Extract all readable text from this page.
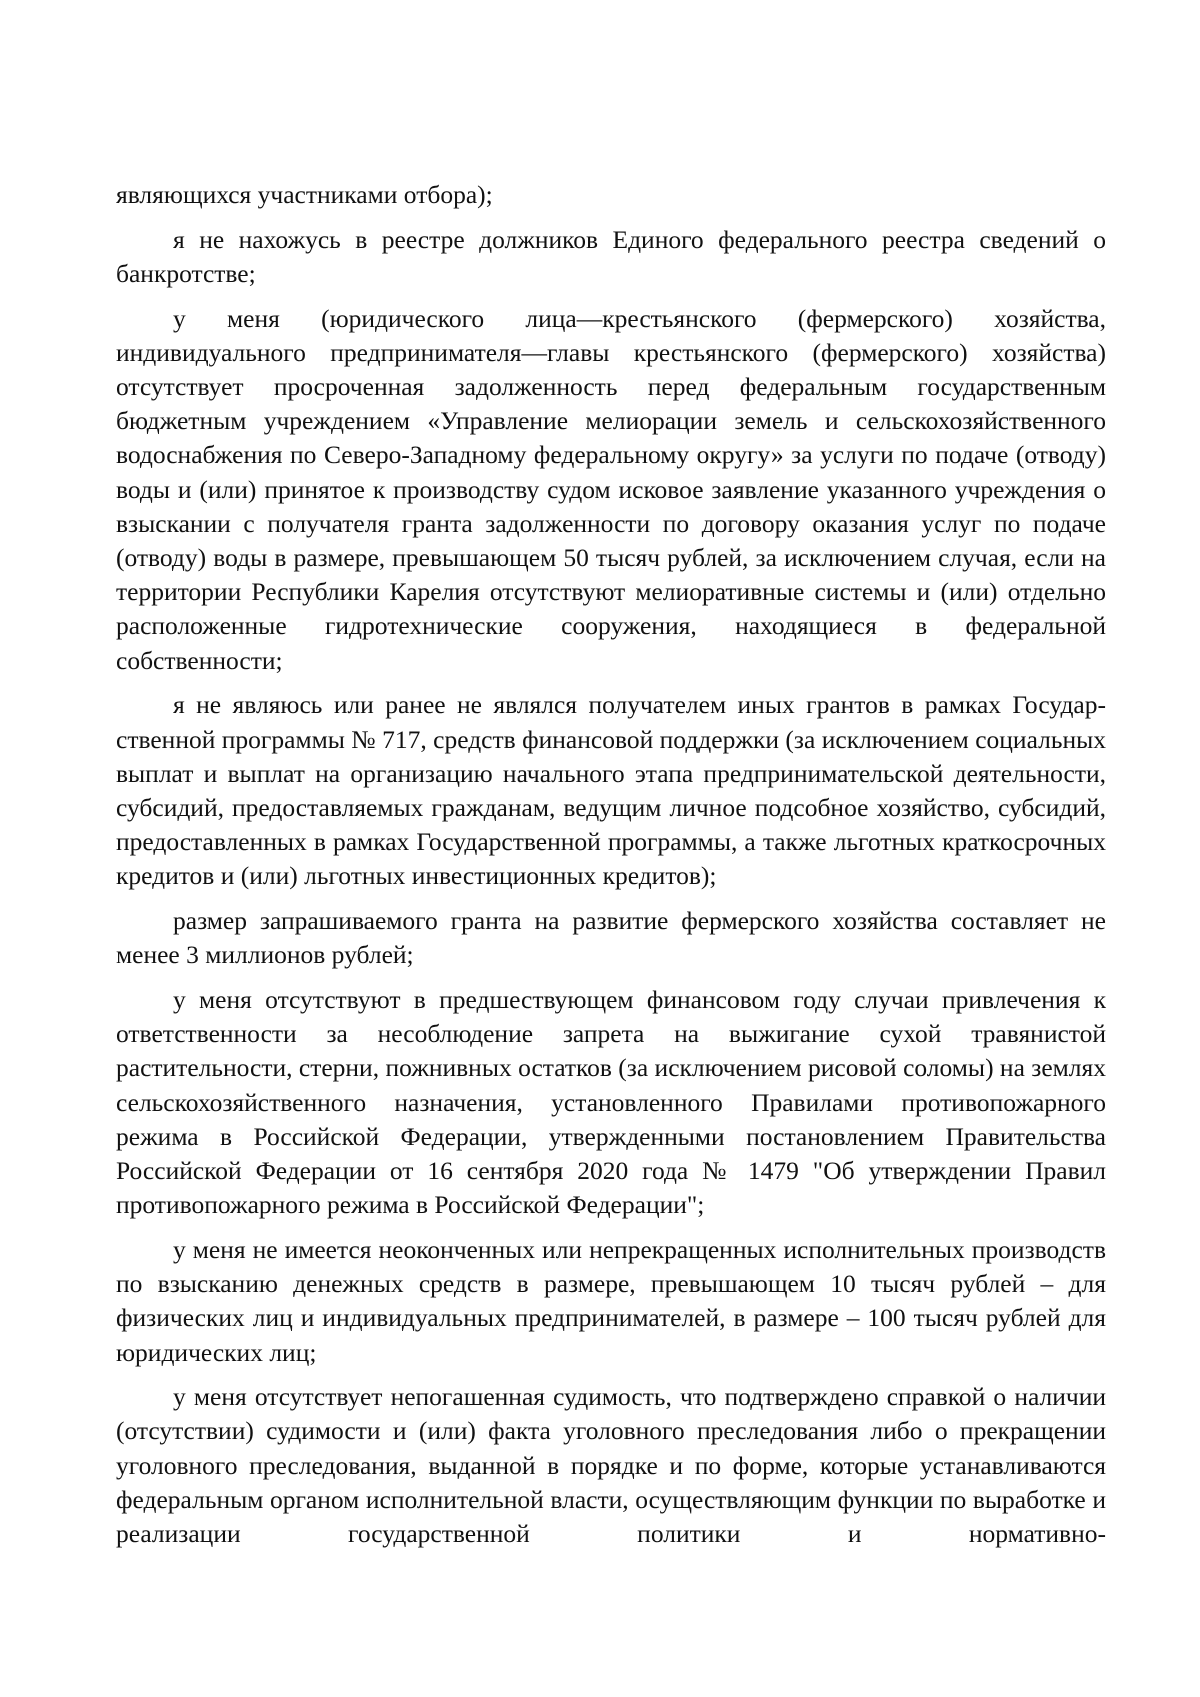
являющихся участниками отбора);

я не нахожусь в реестре должников Единого федерального реестра сведений о банкротстве;

у меня (юридического лица—крестьянского (фермерского) хозяйства, индивидуального предпринимателя—главы крестьянского (фермерского) хозяйства) отсутствует просроченная задолженность перед федеральным государственным бюджетным учреждением «Управление мелиорации земель и сельскохозяйственного водоснабжения по Северо-Западному федеральному округу» за услуги по подаче (отводу) воды и (или) принятое к производству судом исковое заявление указанного учреждения о взыскании с получателя гранта задолженности по договору оказания услуг по подаче (отводу) воды в размере, превышающем 50 тысяч рублей, за исключением случая, если на территории Республики Карелия отсутствуют мелиоративные системы и (или) отдельно расположенные гидротехнические сооружения, находящиеся в федеральной собственности;

я не являюсь или ранее не являлся получателем иных грантов в рамках Государственной программы № 717, средств финансовой поддержки (за исключением социальных выплат и выплат на организацию начального этапа предпринимательской деятельности, субсидий, предоставляемых гражданам, ведущим личное подсобное хозяйство, субсидий, предоставленных в рамках Государственной программы, а также льготных краткосрочных кредитов и (или) льготных инвестиционных кредитов);

размер запрашиваемого гранта на развитие фермерского хозяйства составляет не менее 3 миллионов рублей;

у меня отсутствуют в предшествующем финансовом году случаи привлечения к ответственности за несоблюдение запрета на выжигание сухой травянистой растительности, стерни, пожнивных остатков (за исключением рисовой соломы) на землях сельскохозяйственного назначения, установленного Правилами противопожарного режима в Российской Федерации, утвержденными постановлением Правительства Российской Федерации от 16 сентября 2020 года № 1479 "Об утверждении Правил противопожарного режима в Российской Федерации";

у меня не имеется неоконченных или непрекращенных исполнительных производств по взысканию денежных средств в размере, превышающем 10 тысяч рублей – для физических лиц и индивидуальных предпринимателей, в размере – 100 тысяч рублей для юридических лиц;

у меня отсутствует непогашенная судимость, что подтверждено справкой о наличии (отсутствии) судимости и (или) факта уголовного преследования либо о прекращении уголовного преследования, выданной в порядке и по форме, которые устанавливаются федеральным органом исполнительной власти, осуществляющим функции по выработке и реализации государственной политики и нормативно-
